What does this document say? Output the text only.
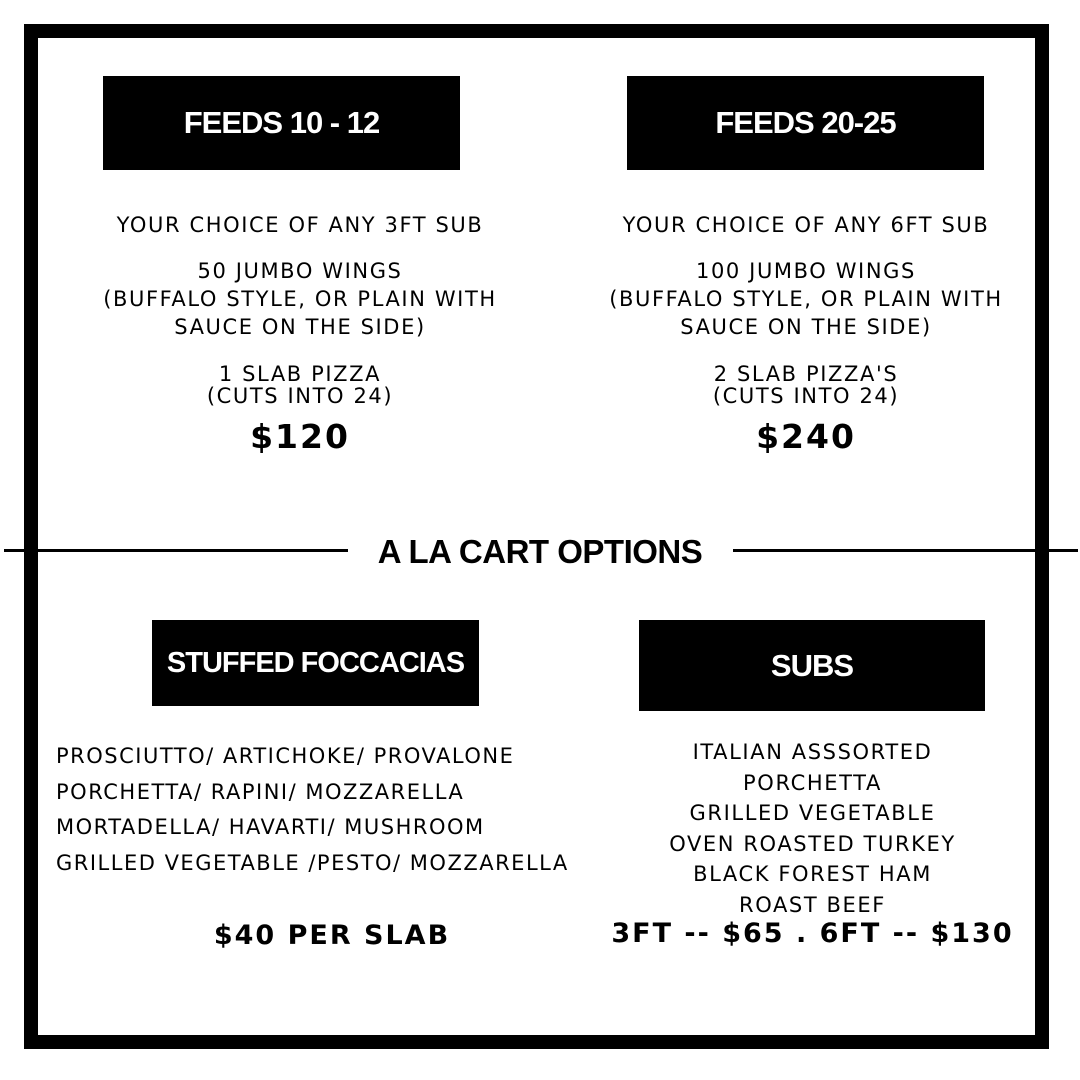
FEEDS 10 - 12
YOUR CHOICE OF ANY 3FT SUB
50 JUMBO WINGS
(BUFFALO STYLE, OR PLAIN WITH
SAUCE ON THE SIDE)
1 SLAB PIZZA
(CUTS INTO 24)
$120
FEEDS 20-25
YOUR CHOICE OF ANY 6FT SUB
100 JUMBO WINGS
(BUFFALO STYLE, OR PLAIN WITH
SAUCE ON THE SIDE)
2 SLAB PIZZA'S
(CUTS INTO 24)
$240
A LA CART OPTIONS
STUFFED FOCCACIAS
PROSCIUTTO/ ARTICHOKE/ PROVALONE
PORCHETTA/ RAPINI/ MOZZARELLA
MORTADELLA/ HAVARTI/ MUSHROOM
GRILLED VEGETABLE /PESTO/ MOZZARELLA
$40 PER SLAB
SUBS
ITALIAN ASSSORTED
PORCHETTA
GRILLED VEGETABLE
OVEN ROASTED TURKEY
BLACK FOREST HAM
ROAST BEEF
3FT -- $65 . 6FT -- $130
